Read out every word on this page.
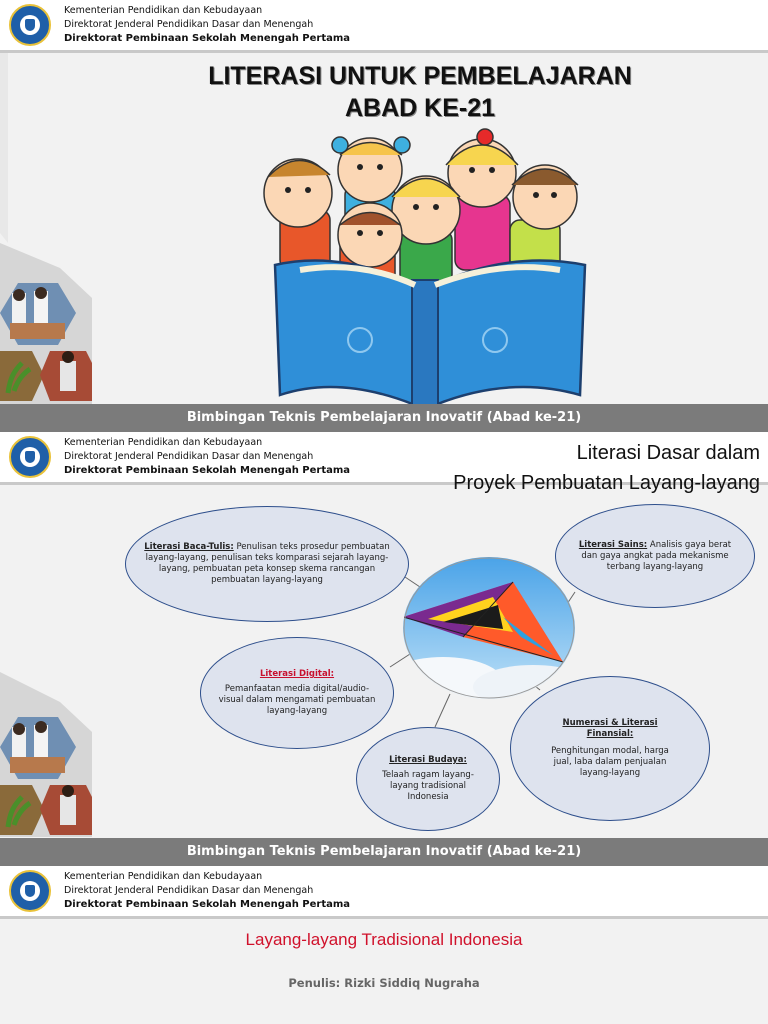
Kementerian Pendidikan dan Kebudayaan
Direktorat Jenderal Pendidikan Dasar dan Menengah
Direktorat Pembinaan Sekolah Menengah Pertama
LITERASI UNTUK PEMBELAJARAN
ABAD KE-21
Bimbingan Teknis Pembelajaran Inovatif (Abad ke-21)
Kementerian Pendidikan dan Kebudayaan
Direktorat Jenderal Pendidikan Dasar dan Menengah
Direktorat Pembinaan Sekolah Menengah Pertama
Literasi Dasar dalam
Proyek Pembuatan Layang-layang

Literasi Baca-Tulis: Penulisan teks prosedur pembuatan layang-layang, penulisan teks komparasi sejarah layang-layang, pembuatan peta konsep skema rancangan pembuatan layang-layang

Literasi Sains: Analisis gaya berat dan gaya angkat pada mekanisme terbang layang-layang

Literasi Digital:

Pemanfaatan media digital/audio-visual dalam mengamati pembuatan layang-layang

Literasi Budaya:

Telaah ragam layang-layang tradisional Indonesia

Numerasi & Literasi Finansial:

Penghitungan modal, harga jual, laba dalam penjualan layang-layang

Bimbingan Teknis Pembelajaran Inovatif (Abad ke-21)
Kementerian Pendidikan dan Kebudayaan
Direktorat Jenderal Pendidikan Dasar dan Menengah
Direktorat Pembinaan Sekolah Menengah Pertama
Layang-layang Tradisional Indonesia
Penulis: Rizki Siddiq Nugraha
